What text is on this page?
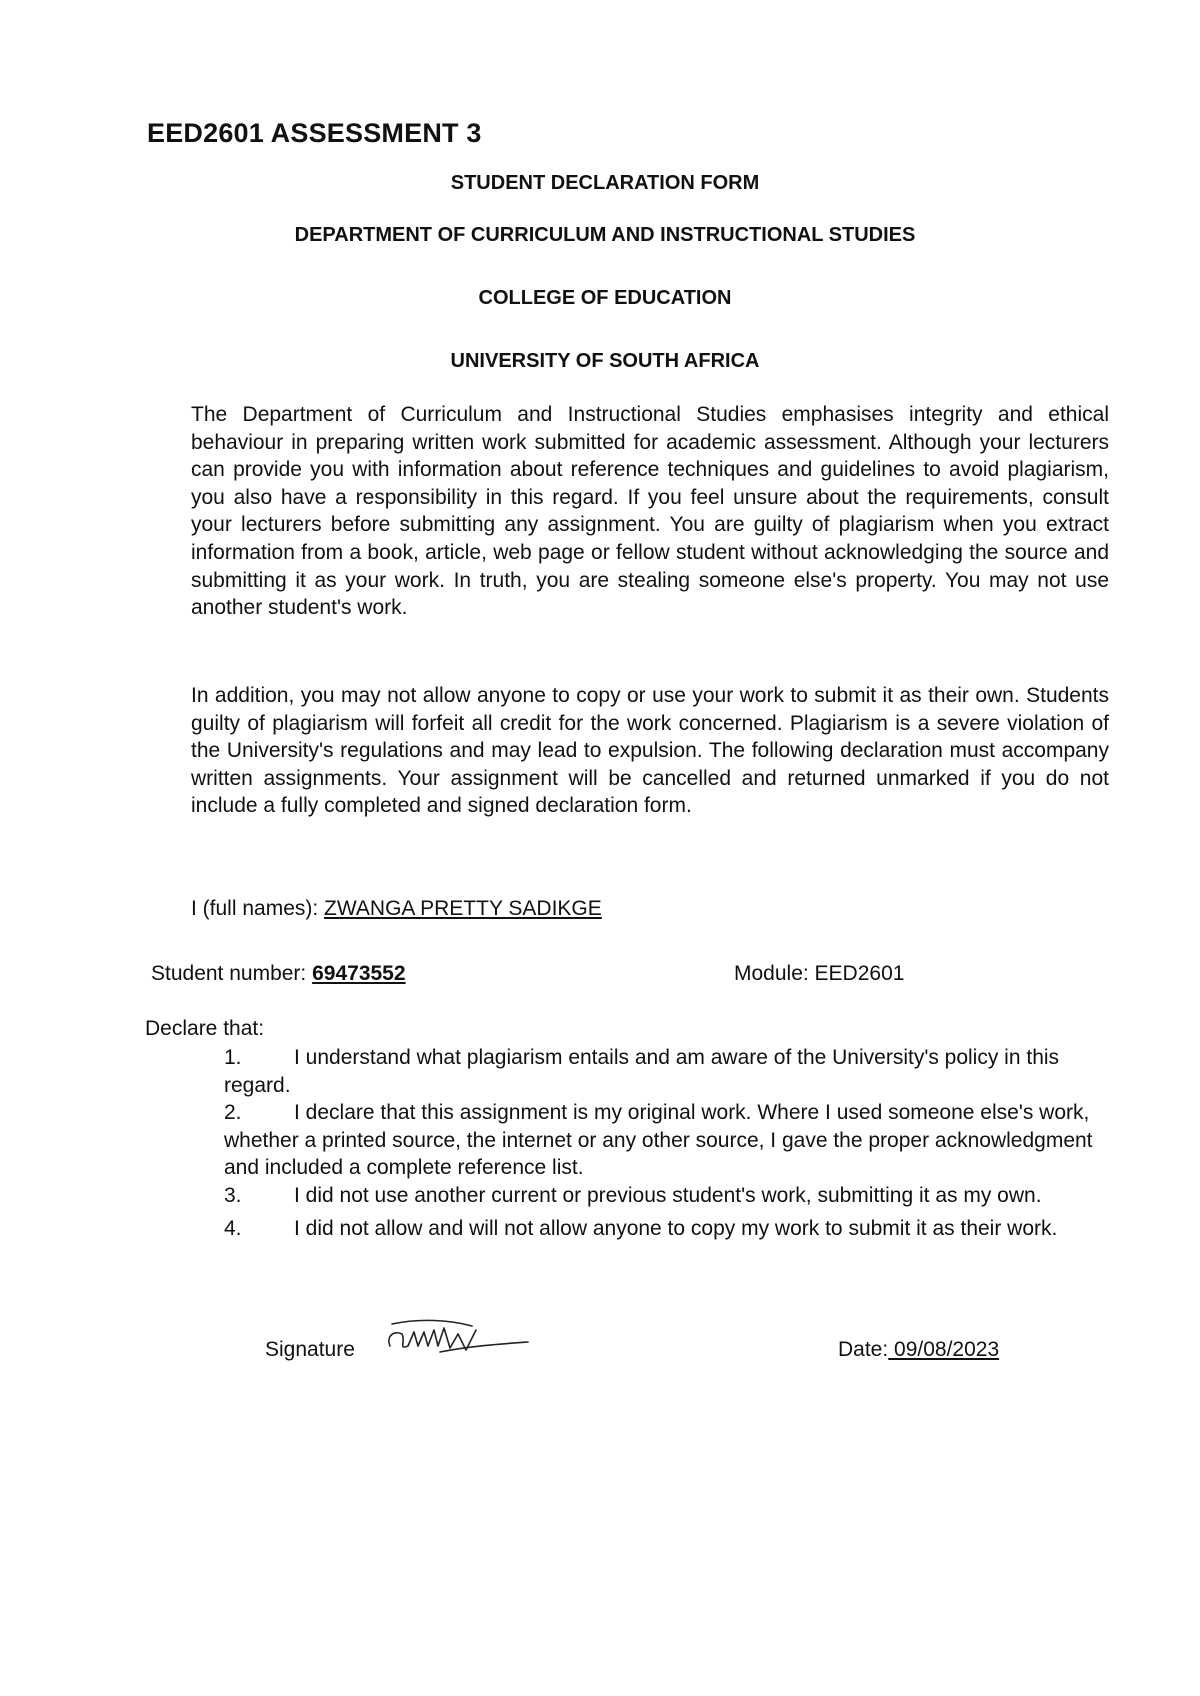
EED2601 ASSESSMENT 3
STUDENT DECLARATION FORM
DEPARTMENT OF CURRICULUM AND INSTRUCTIONAL STUDIES
COLLEGE OF EDUCATION
UNIVERSITY OF SOUTH AFRICA

The Department of Curriculum and Instructional Studies emphasises integrity and ethical behaviour in preparing written work submitted for academic assessment. Although your lecturers can provide you with information about reference techniques and guidelines to avoid plagiarism, you also have a responsibility in this regard. If you feel unsure about the requirements, consult your lecturers before submitting any assignment. You are guilty of plagiarism when you extract information from a book, article, web page or fellow student without acknowledging the source and submitting it as your work. In truth, you are stealing someone else's property. You may not use another student's work.

In addition, you may not allow anyone to copy or use your work to submit it as their own. Students guilty of plagiarism will forfeit all credit for the work concerned. Plagiarism is a severe violation of the University's regulations and may lead to expulsion. The following declaration must accompany written assignments. Your assignment will be cancelled and returned unmarked if you do not include a fully completed and signed declaration form.

I (full names): ZWANGA PRETTY SADIKGE
Student number: 69473552	Module: EED2601
Declare that:
1. I understand what plagiarism entails and am aware of the University's policy in this regard.
2. I declare that this assignment is my original work. Where I used someone else's work, whether a printed source, the internet or any other source, I gave the proper acknowledgment and included a complete reference list.
3. I did not use another current or previous student's work, submitting it as my own.
4. I did not allow and will not allow anyone to copy my work to submit it as their work.
Signature	Date: 09/08/2023
